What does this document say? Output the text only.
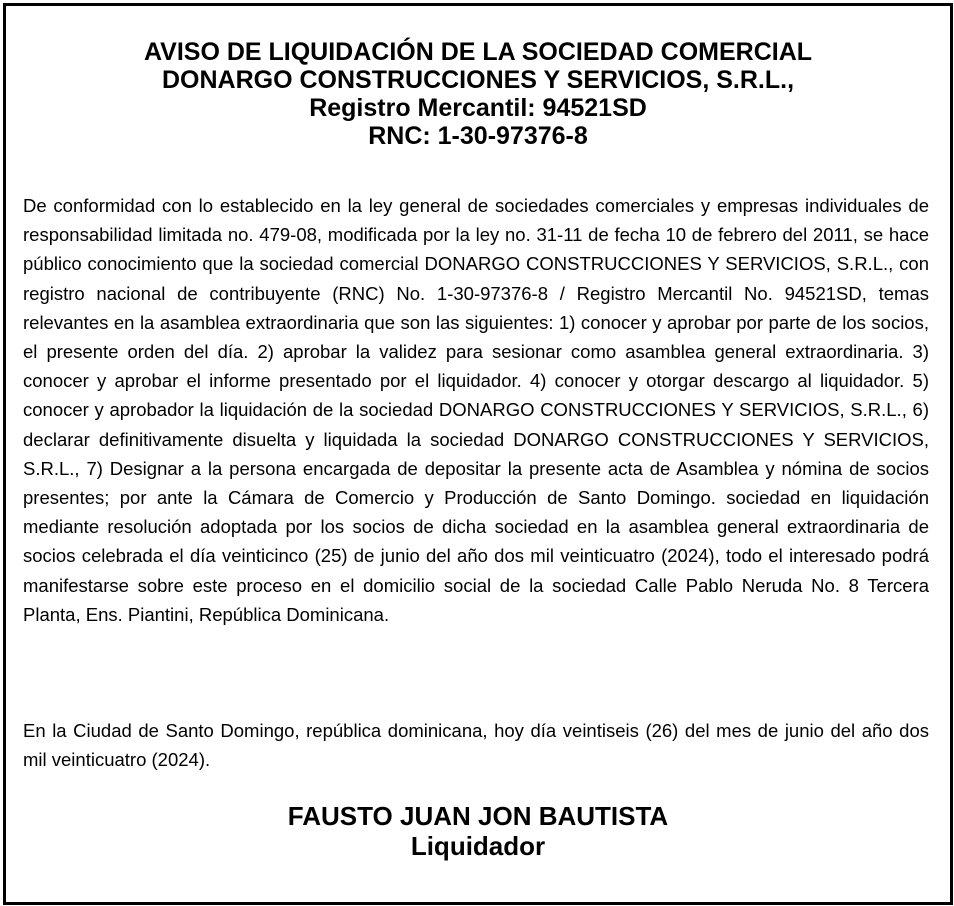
AVISO DE LIQUIDACIÓN DE LA SOCIEDAD COMERCIAL
DONARGO CONSTRUCCIONES Y SERVICIOS, S.R.L.,
Registro Mercantil: 94521SD
RNC: 1-30-97376-8

De conformidad con lo establecido en la ley general de sociedades comerciales y empresas individuales de responsabilidad limitada no. 479-08, modificada por la ley no. 31-11 de fecha 10 de febrero del 2011, se hace público conocimiento que la sociedad comercial DONARGO CONSTRUCCIONES Y SERVICIOS, S.R.L., con registro nacional de contribuyente (RNC) No. 1-30-97376-8 / Registro Mercantil No. 94521SD, temas relevantes en la asamblea extraordinaria que son las siguientes: 1) conocer y aprobar por parte de los socios, el presente orden del día. 2) aprobar la validez para sesionar como asamblea general extraordinaria. 3) conocer y aprobar el informe presentado por el liquidador. 4) conocer y otorgar descargo al liquidador. 5) conocer y aprobador la liquidación de la sociedad DONARGO CONSTRUCCIONES Y SERVICIOS, S.R.L., 6) declarar definitivamente disuelta y liquidada la sociedad DONARGO CONSTRUCCIONES Y SERVICIOS, S.R.L., 7) Designar a la persona encargada de depositar la presente acta de Asamblea y nómina de socios presentes; por ante la Cámara de Comercio y Producción de Santo Domingo. sociedad en liquidación mediante resolución adoptada por los socios de dicha sociedad en la asamblea general extraordinaria de socios celebrada el día veinticinco (25) de junio del año dos mil veinticuatro (2024), todo el interesado podrá manifestarse sobre este proceso en el domicilio social de la sociedad Calle Pablo Neruda No. 8 Tercera Planta, Ens. Piantini, República Dominicana.

En la Ciudad de Santo Domingo, república dominicana, hoy día veintiseis (26) del mes de junio del año dos mil veinticuatro (2024).

FAUSTO JUAN JON BAUTISTA
Liquidador
